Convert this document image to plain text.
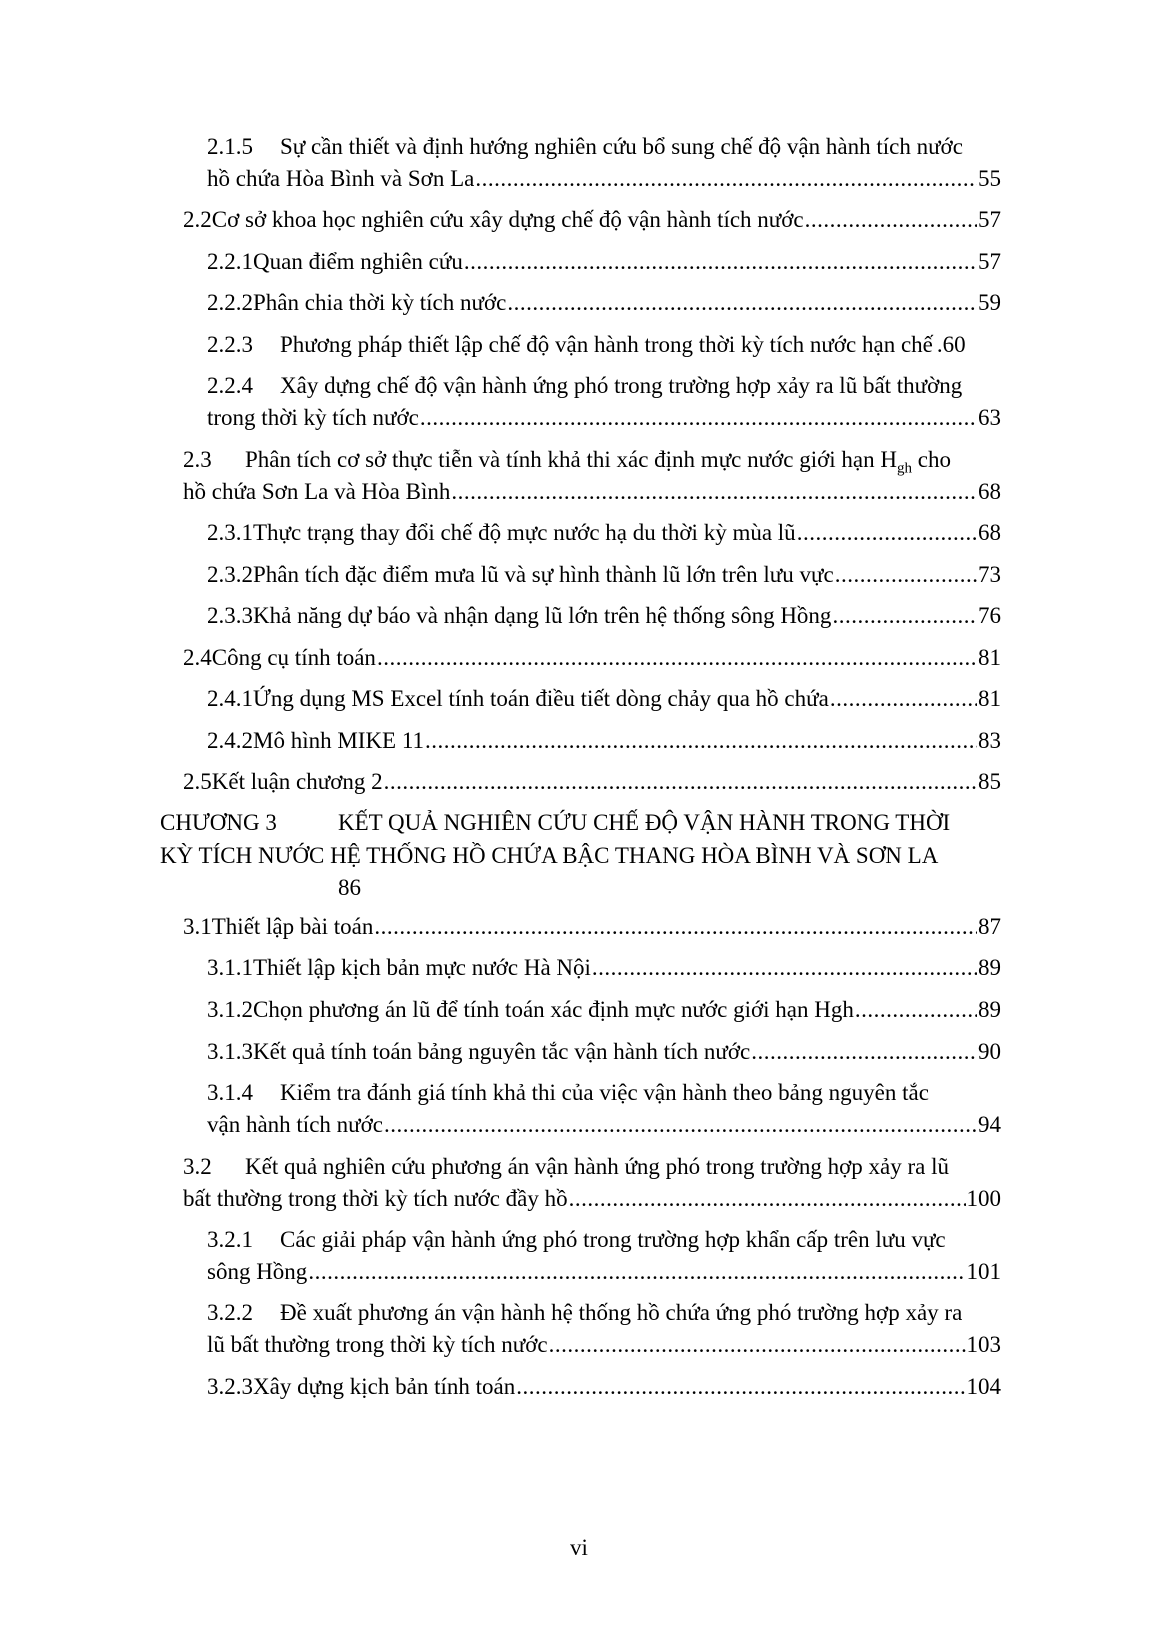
2.1.5 Sự cần thiết và định hướng nghiên cứu bổ sung chế độ vận hành tích nước
hồ chứa Hòa Bình và Sơn La .....	55
2.2 Cơ sở khoa học nghiên cứu xây dựng chế độ vận hành tích nước .....	57
2.2.1 Quan điểm nghiên cứu .....	57
2.2.2 Phân chia thời kỳ tích nước .....	59
2.2.3	Phương pháp thiết lập chế độ vận hành trong thời kỳ tích nước hạn chế .60
2.2.4 Xây dựng chế độ vận hành ứng phó trong trường hợp xảy ra lũ bất thường
trong thời kỳ tích nước .....	63
2.3 Phân tích cơ sở thực tiễn và tính khả thi xác định mực nước giới hạn $H_{gh}$ cho
hồ chứa Sơn La và Hòa Bình .....	68
2.3.1 Thực trạng thay đổi chế độ mực nước hạ du thời kỳ mùa lũ .....	68
2.3.2 Phân tích đặc điểm mưa lũ và sự hình thành lũ lớn trên lưu vực .....	73
2.3.3 Khả năng dự báo và nhận dạng lũ lớn trên hệ thống sông Hồng .....	76
2.4 Công cụ tính toán .....	81
2.4.1 Ứng dụng MS Excel tính toán điều tiết dòng chảy qua hồ chứa .....	81
2.4.2 Mô hình MIKE 11 .....	83
2.5 Kết luận chương 2 .....	85
CHƯƠNG 3	KẾT QUẢ NGHIÊN CỨU CHẾ ĐỘ VẬN HÀNH TRONG THỜI
KỲ TÍCH NƯỚC HỆ THỐNG HỒ CHỨA BẬC THANG HÒA BÌNH VÀ SƠN LA
86
3.1 Thiết lập bài toán .....	87
3.1.1 Thiết lập kịch bản mực nước Hà Nội .....	89
3.1.2 Chọn phương án lũ để tính toán xác định mực nước giới hạn Hgh .....	89
3.1.3 Kết quả tính toán bảng nguyên tắc vận hành tích nước .....	90
3.1.4 Kiểm tra đánh giá tính khả thi của việc vận hành theo bảng nguyên tắc
vận hành tích nước .....	94
3.2 Kết quả nghiên cứu phương án vận hành ứng phó trong trường hợp xảy ra lũ
bất thường trong thời kỳ tích nước đầy hồ .....	100
3.2.1 Các giải pháp vận hành ứng phó trong trường hợp khẩn cấp trên lưu vực
sông Hồng .....	101
3.2.2 Đề xuất phương án vận hành hệ thống hồ chứa ứng phó trường hợp xảy ra
lũ bất thường trong thời kỳ tích nước .....	103
3.2.3 Xây dựng kịch bản tính toán .....	104
vi
